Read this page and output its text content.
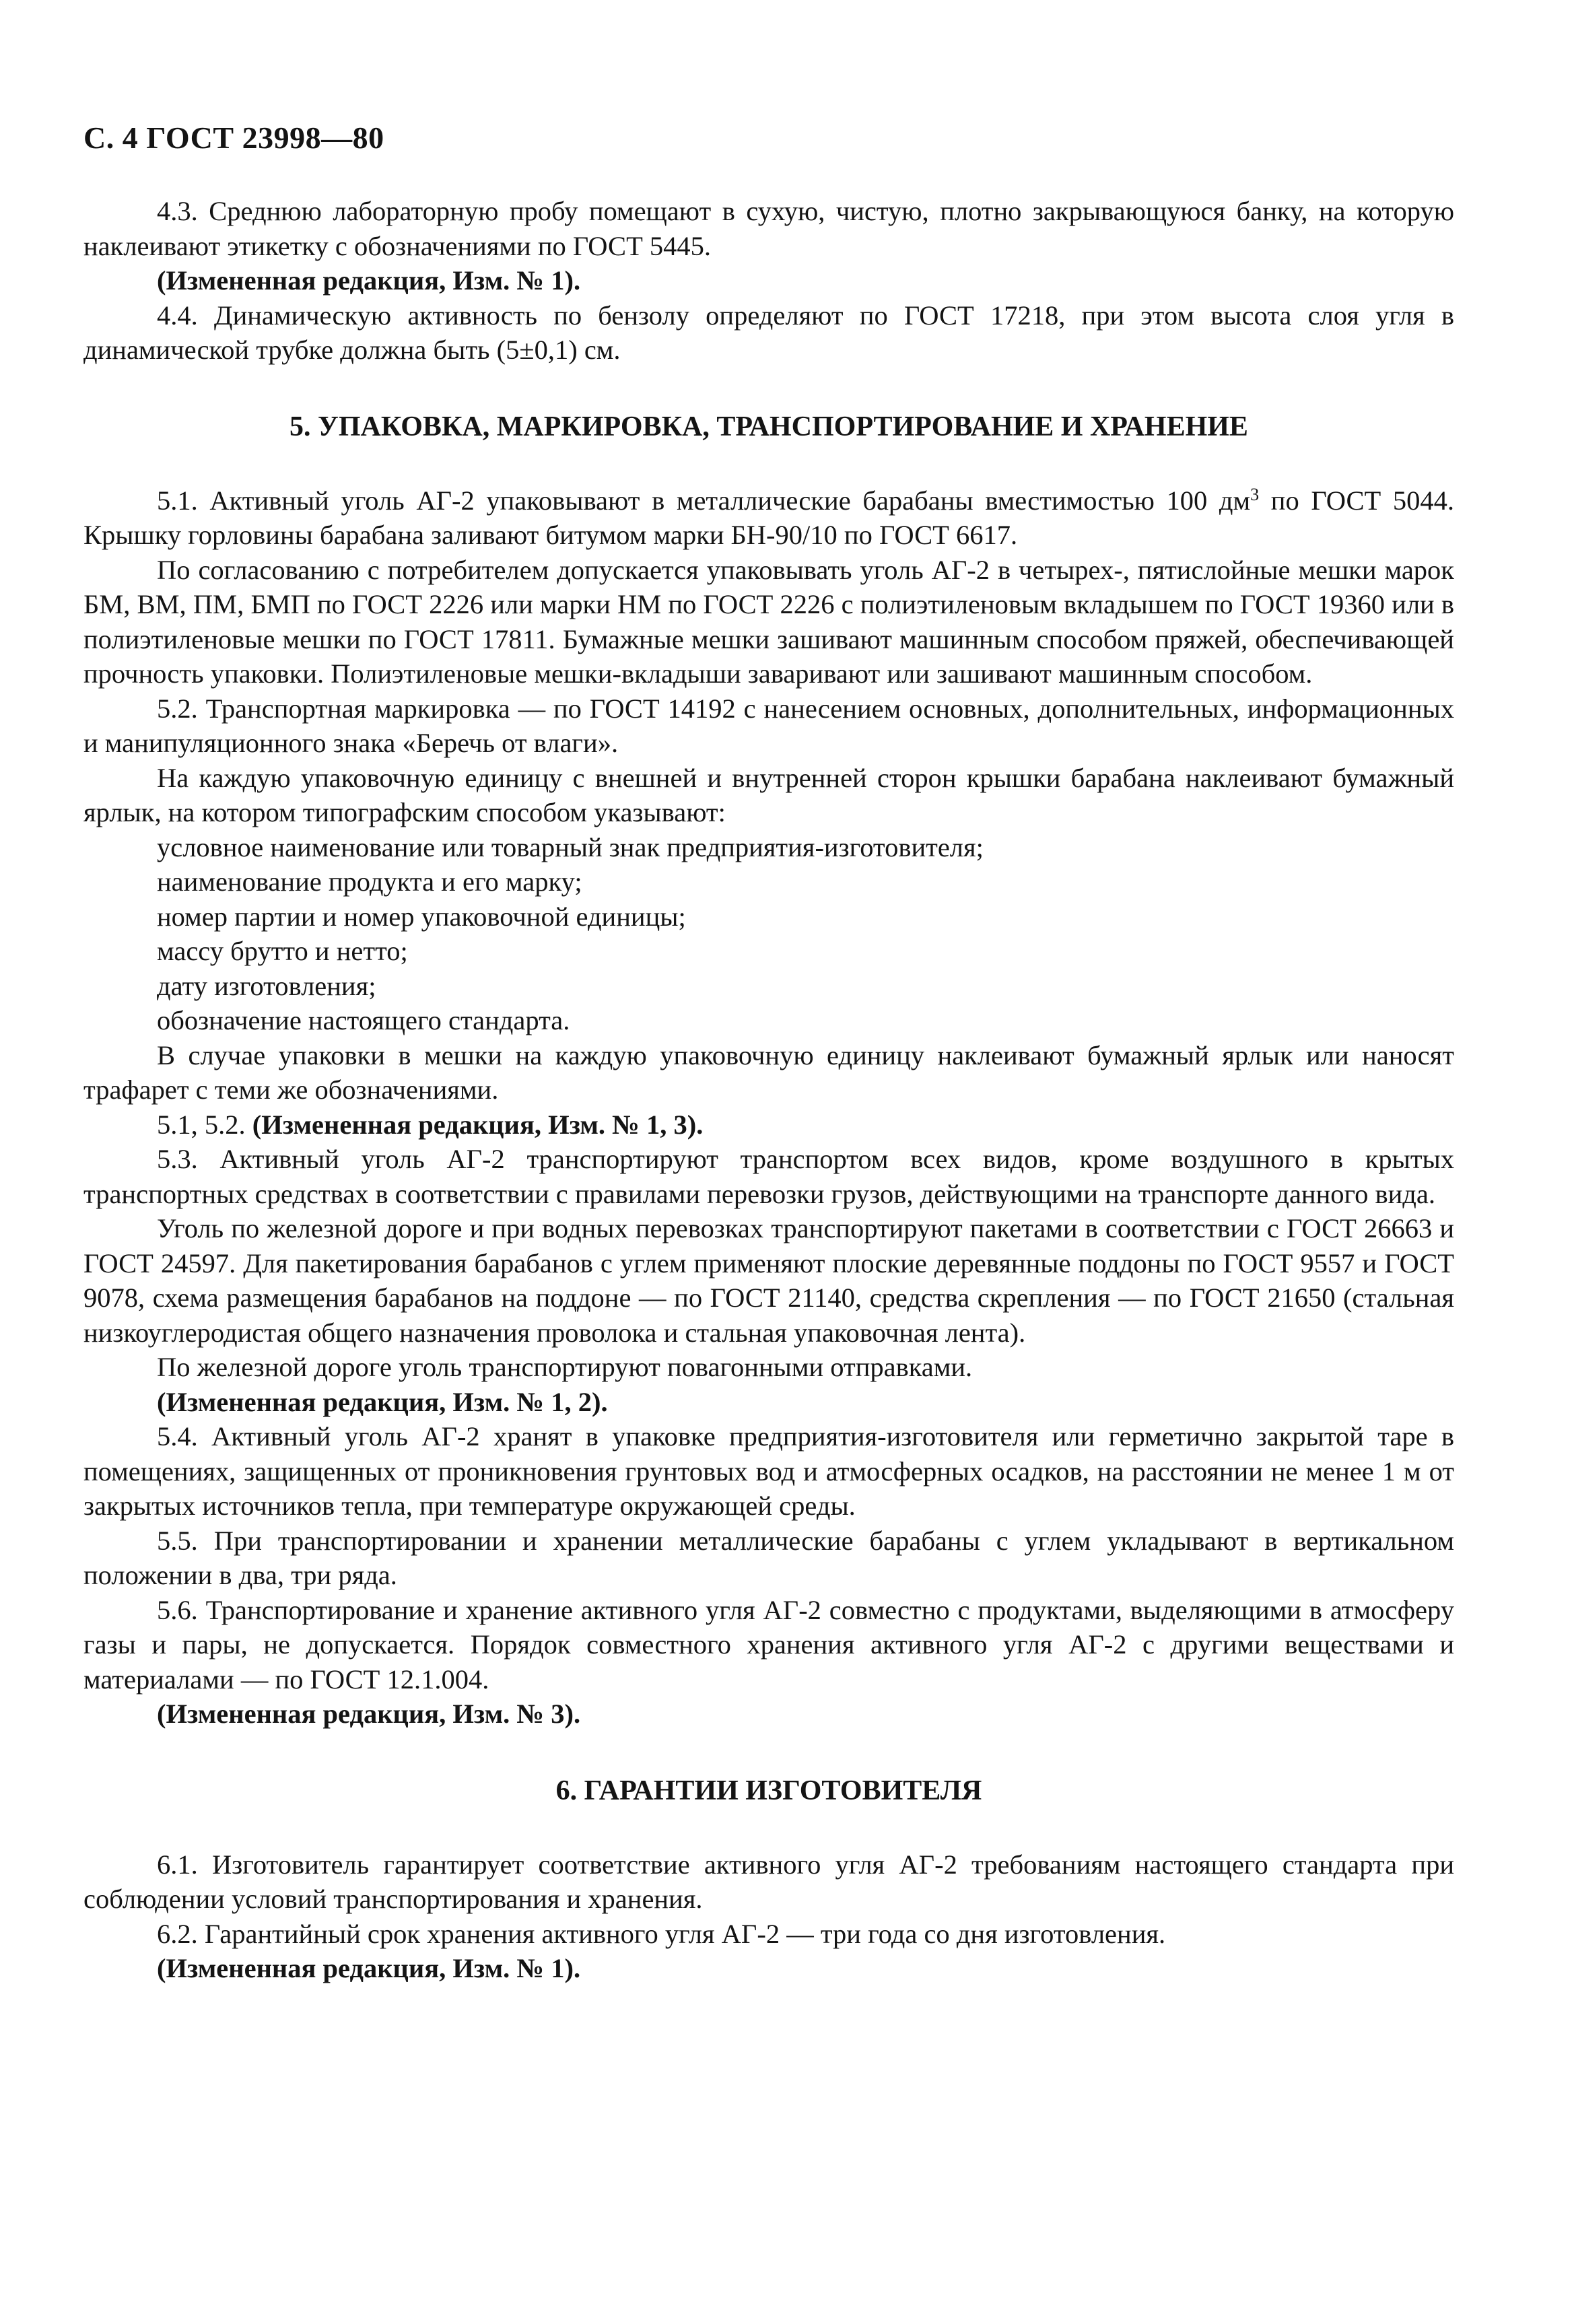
С. 4 ГОСТ 23998—80

4.3. Среднюю лабораторную пробу помещают в сухую, чистую, плотно закрывающуюся банку, на которую наклеивают этикетку с обозначениями по ГОСТ 5445.

(Измененная редакция, Изм. № 1).

4.4. Динамическую активность по бензолу определяют по ГОСТ 17218, при этом высота слоя угля в динамической трубке должна быть (5±0,1) см.

5. УПАКОВКА, МАРКИРОВКА, ТРАНСПОРТИРОВАНИЕ И ХРАНЕНИЕ

5.1. Активный уголь АГ-2 упаковывают в металлические барабаны вместимостью 100 $дм^3$ по ГОСТ 5044. Крышку горловины барабана заливают битумом марки БН-90/10 по ГОСТ 6617.

По согласованию с потребителем допускается упаковывать уголь АГ-2 в четырех-, пятислойные мешки марок БМ, ВМ, ПМ, БМП по ГОСТ 2226 или марки НМ по ГОСТ 2226 с полиэтиленовым вкладышем по ГОСТ 19360 или в полиэтиленовые мешки по ГОСТ 17811. Бумажные мешки зашивают машинным способом пряжей, обеспечивающей прочность упаковки. Полиэтиленовые мешки-вкладыши заваривают или зашивают машинным способом.

5.2. Транспортная маркировка — по ГОСТ 14192 с нанесением основных, дополнительных, информационных и манипуляционного знака «Беречь от влаги».

На каждую упаковочную единицу с внешней и внутренней сторон крышки барабана наклеивают бумажный ярлык, на котором типографским способом указывают:

условное наименование или товарный знак предприятия-изготовителя;

наименование продукта и его марку;

номер партии и номер упаковочной единицы;

массу брутто и нетто;

дату изготовления;

обозначение настоящего стандарта.

В случае упаковки в мешки на каждую упаковочную единицу наклеивают бумажный ярлык или наносят трафарет с теми же обозначениями.

5.1, 5.2. (Измененная редакция, Изм. № 1, 3).

5.3. Активный уголь АГ-2 транспортируют транспортом всех видов, кроме воздушного в крытых транспортных средствах в соответствии с правилами перевозки грузов, действующими на транспорте данного вида.

Уголь по железной дороге и при водных перевозках транспортируют пакетами в соответствии с ГОСТ 26663 и ГОСТ 24597. Для пакетирования барабанов с углем применяют плоские деревянные поддоны по ГОСТ 9557 и ГОСТ 9078, схема размещения барабанов на поддоне — по ГОСТ 21140, средства скрепления — по ГОСТ 21650 (стальная низкоуглеродистая общего назначения проволока и стальная упаковочная лента).

По железной дороге уголь транспортируют повагонными отправками.

(Измененная редакция, Изм. № 1, 2).

5.4. Активный уголь АГ-2 хранят в упаковке предприятия-изготовителя или герметично закрытой таре в помещениях, защищенных от проникновения грунтовых вод и атмосферных осадков, на расстоянии не менее 1 м от закрытых источников тепла, при температуре окружающей среды.

5.5. При транспортировании и хранении металлические барабаны с углем укладывают в вертикальном положении в два, три ряда.

5.6. Транспортирование и хранение активного угля АГ-2 совместно с продуктами, выделяющими в атмосферу газы и пары, не допускается. Порядок совместного хранения активного угля АГ-2 с другими веществами и материалами — по ГОСТ 12.1.004.

(Измененная редакция, Изм. № 3).

6. ГАРАНТИИ ИЗГОТОВИТЕЛЯ

6.1. Изготовитель гарантирует соответствие активного угля АГ-2 требованиям настоящего стандарта при соблюдении условий транспортирования и хранения.

6.2. Гарантийный срок хранения активного угля АГ-2 — три года со дня изготовления.

(Измененная редакция, Изм. № 1).
